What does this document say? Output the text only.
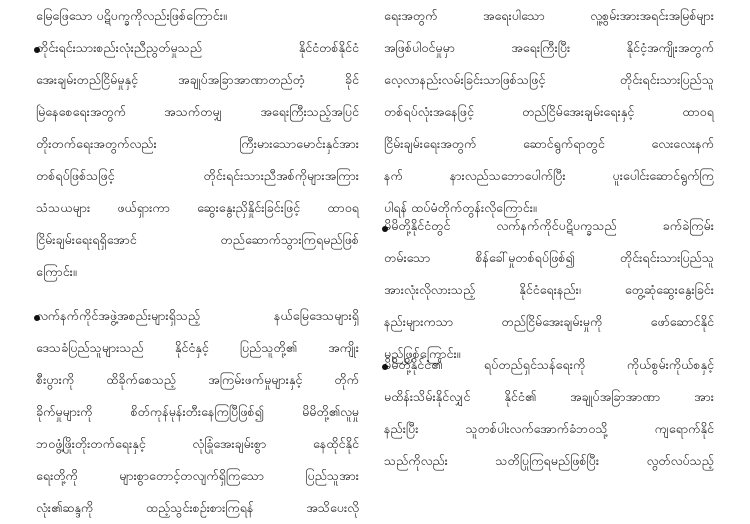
မြေဖြေသော ပဋိပက္ခကိုလည်းဖြစ်ကြောင်း။
တိုင်းရင်းသားစည်းလုံးညီညွတ်မှုသည် နိုင်ငံတစ်နိုင်ငံ
အေးချမ်းတည်ငြိမ်မှုနှင့် အချုပ်အခြာအာဏာတည်တံ့ ခိုင်
မြဲနေစေရေးအတွက် အသက်တမျှ အရေးကြီးသည့်အပြင်
တိုးတက်ရေးအတွက်လည်း ကြီးမားသောမောင်းနှင်အား
တစ်ရပ်ဖြစ်သဖြင့် တိုင်းရင်းသားညီအစ်ကိုများအကြား
သံသယများ ဖယ်ရှားကာ ဆွေးနွေးညှိနှိုင်းခြင်းဖြင့် ထာဝရ
ငြိမ်းချမ်းရေးရရှိအောင် တည်ဆောက်သွားကြရမည်ဖြစ်
ကြောင်း။
လက်နက်ကိုင်အဖွဲ့အစည်းများရှိသည့် နယ်မြေဒေသများရှိ
ဒေသခံပြည်သူများသည် နိုင်ငံနှင့် ပြည်သူတို့၏ အကျိုး
စီးပွားကို ထိခိုက်စေသည့် အကြမ်းဖက်မှုများနှင့် တိုက်
ခိုက်မှုများကို စိတ်ကုန်မုန်းတီးနေကြပြီဖြစ်၍ မိမိတို့၏လူမှု
ဘဝဖွံ့ဖြိုးတိုးတက်ရေးနှင့် လုံခြုံအေးချမ်းစွာ နေထိုင်နိုင်
ရေးတို့ကို များစွာတောင့်တလျက်ရှိကြသော ပြည်သူအား
လုံး၏ဆန္ဒကို ထည့်သွင်းစဉ်းစားကြရန် အသိပေးလို
ရေးအတွက် အရေးပါသော လူ့စွမ်းအားအရင်းအမြစ်များ
အဖြစ်ပါဝင်မှုမှာ အရေးကြီးပြီး နိုင်ငံ့အကျိုးအတွက်
လေ့လာနည်းလမ်းခြင်းသာဖြစ်သဖြင့် တိုင်းရင်းသားပြည်သူ
တစ်ရပ်လုံးအနေဖြင့် တည်ငြိမ်အေးချမ်းရေးနှင့် ထာဝရ
ငြိမ်းချမ်းရေးအတွက် ဆောင်ရွက်ရာတွင် လေးလေးနက်
နက် နားလည်သဘောပေါက်ပြီး ပူးပေါင်းဆောင်ရွက်ကြ
ပါရန် ထပ်မံတိုက်တွန်းလိုကြောင်း။
မိမိတို့နိုင်ငံတွင် လက်နက်ကိုင်ပဋိပက္ခသည် ခက်ခဲကြမ်း
တမ်းသော စိန်ခေါ်မှုတစ်ရပ်ဖြစ်၍ တိုင်းရင်းသားပြည်သူ
အားလုံးလိုလားသည့် နိုင်ငံရေးနည်း၊ တွေ့ဆုံဆွေးနွေးခြင်း
နည်းများကသာ တည်ငြိမ်အေးချမ်းမှုကို ဖော်ဆောင်နိုင်
မည်ဖြစ်ကြောင်း။
မိမိတို့နိုင်ငံ၏ ရပ်တည်ရှင်သန်ရေးကို ကိုယ်စွမ်းကိုယ်စနှင့်
မထိန်းသိမ်းနိုင်လျှင် နိုင်ငံ၏ အချုပ်အခြာအာဏာ အား
နည်းပြီး သူတစ်ပါးလက်အောက်ခံဘဝသို့ ကျရောက်နိုင်
သည်ကိုလည်း သတိပြုကြရမည်ဖြစ်ပြီး လွတ်လပ်သည့်
